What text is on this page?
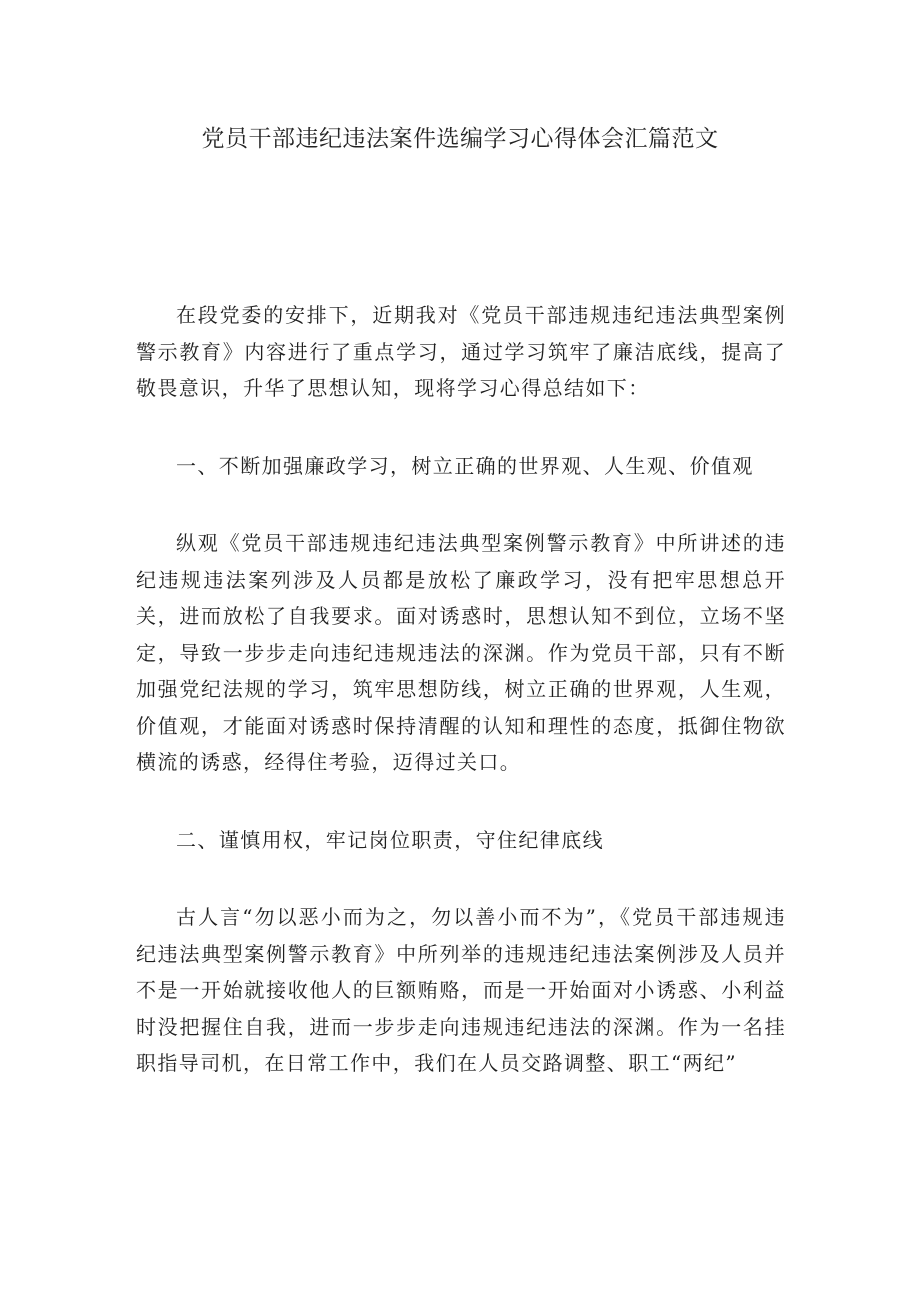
党员干部违纪违法案件选编学习心得体会汇篇范文

在段党委的安排下，近期我对《党员干部违规违纪违法典型案例警示教育》内容进行了重点学习，通过学习筑牢了廉洁底线，提高了敬畏意识，升华了思想认知，现将学习心得总结如下：

一、不断加强廉政学习，树立正确的世界观、人生观、价值观

纵观《党员干部违规违纪违法典型案例警示教育》中所讲述的违纪违规违法案列涉及人员都是放松了廉政学习，没有把牢思想总开关，进而放松了自我要求。面对诱惑时，思想认知不到位，立场不坚定，导致一步步走向违纪违规违法的深渊。作为党员干部，只有不断加强党纪法规的学习，筑牢思想防线，树立正确的世界观，人生观，价值观，才能面对诱惑时保持清醒的认知和理性的态度，抵御住物欲横流的诱惑，经得住考验，迈得过关口。

二、谨慎用权，牢记岗位职责，守住纪律底线

古人言“勿以恶小而为之，勿以善小而不为”，《党员干部违规违纪违法典型案例警示教育》中所列举的违规违纪违法案例涉及人员并不是一开始就接收他人的巨额贿赂，而是一开始面对小诱惑、小利益时没把握住自我，进而一步步走向违规违纪违法的深渊。作为一名挂职指导司机，在日常工作中，我们在人员交路调整、职工“两纪”
